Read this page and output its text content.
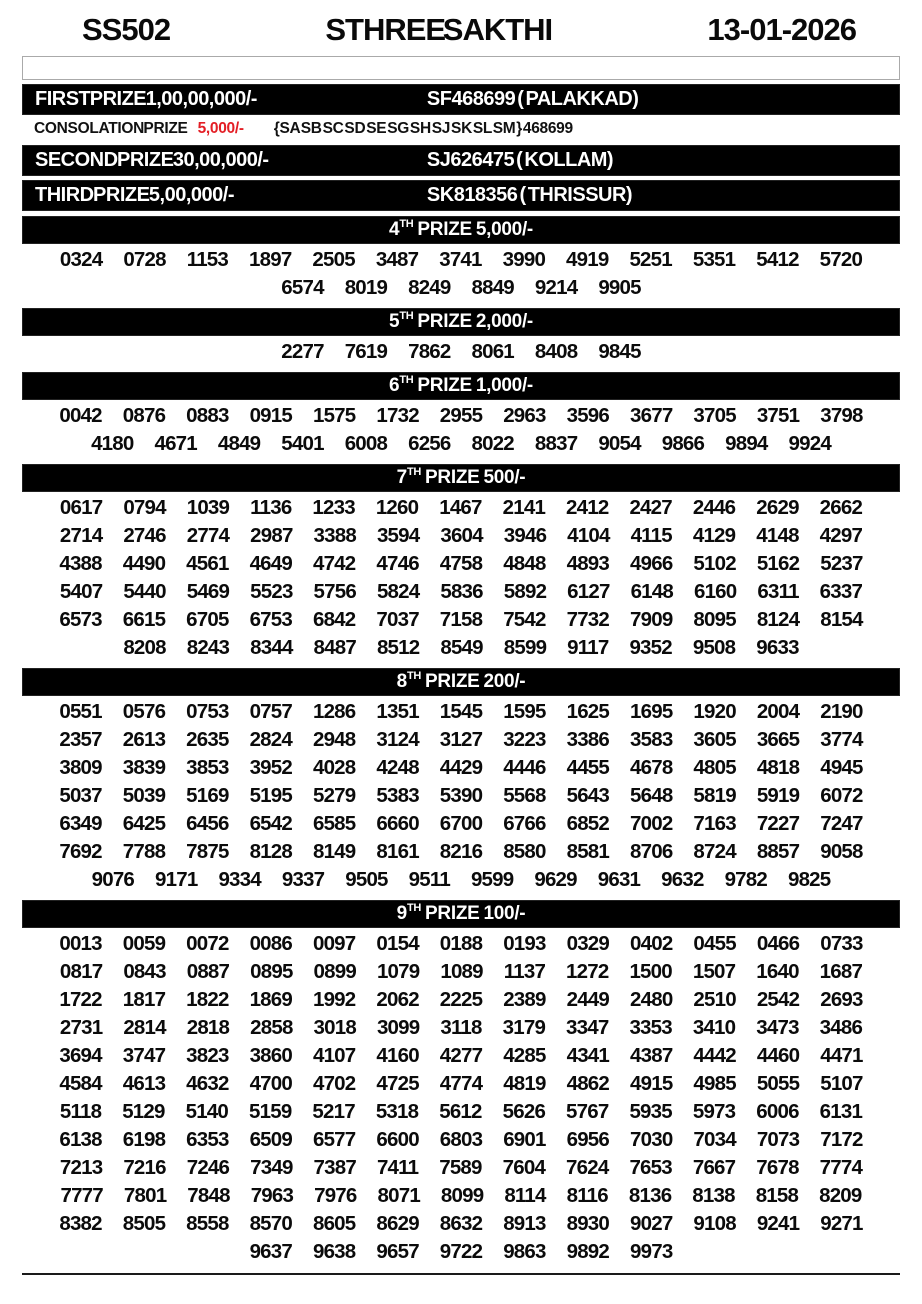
SS502	STHREE SAKTHI	13-01-2026
FIRST PRIZE 1,00,00,000/-	SF468699 ( PALAKKAD)
CONSOLATION PRIZE 5,000/- {SA SB SC SD SE SG SH SJ SK SL SM } 468699
SECOND PRIZE 30,00,000/-	SJ626475 ( KOLLAM)
THIRD PRIZE 5,00,000/-	SK818356 ( THRISSUR)
4TH PRIZE 5,000/-
0324 0728 1153 1897 2505 3487 3741 3990 4919 5251 5351 5412 5720
6574 8019 8249 8849 9214 9905
5TH PRIZE 2,000/-
2277 7619 7862 8061 8408 9845
6TH PRIZE 1,000/-
0042 0876 0883 0915 1575 1732 2955 2963 3596 3677 3705 3751 3798
4180 4671 4849 5401 6008 6256 8022 8837 9054 9866 9894 9924
7TH PRIZE 500/-
0617 0794 1039 1136 1233 1260 1467 2141 2412 2427 2446 2629 2662
2714 2746 2774 2987 3388 3594 3604 3946 4104 4115 4129 4148 4297
4388 4490 4561 4649 4742 4746 4758 4848 4893 4966 5102 5162 5237
5407 5440 5469 5523 5756 5824 5836 5892 6127 6148 6160 6311 6337
6573 6615 6705 6753 6842 7037 7158 7542 7732 7909 8095 8124 8154
8208 8243 8344 8487 8512 8549 8599 9117 9352 9508 9633
8TH PRIZE 200/-
0551 0576 0753 0757 1286 1351 1545 1595 1625 1695 1920 2004 2190
2357 2613 2635 2824 2948 3124 3127 3223 3386 3583 3605 3665 3774
3809 3839 3853 3952 4028 4248 4429 4446 4455 4678 4805 4818 4945
5037 5039 5169 5195 5279 5383 5390 5568 5643 5648 5819 5919 6072
6349 6425 6456 6542 6585 6660 6700 6766 6852 7002 7163 7227 7247
7692 7788 7875 8128 8149 8161 8216 8580 8581 8706 8724 8857 9058
9076 9171 9334 9337 9505 9511 9599 9629 9631 9632 9782 9825
9TH PRIZE 100/-
0013 0059 0072 0086 0097 0154 0188 0193 0329 0402 0455 0466 0733
0817 0843 0887 0895 0899 1079 1089 1137 1272 1500 1507 1640 1687
1722 1817 1822 1869 1992 2062 2225 2389 2449 2480 2510 2542 2693
2731 2814 2818 2858 3018 3099 3118 3179 3347 3353 3410 3473 3486
3694 3747 3823 3860 4107 4160 4277 4285 4341 4387 4442 4460 4471
4584 4613 4632 4700 4702 4725 4774 4819 4862 4915 4985 5055 5107
5118 5129 5140 5159 5217 5318 5612 5626 5767 5935 5973 6006 6131
6138 6198 6353 6509 6577 6600 6803 6901 6956 7030 7034 7073 7172
7213 7216 7246 7349 7387 7411 7589 7604 7624 7653 7667 7678 7774
7777 7801 7848 7963 7976 8071 8099 8114 8116 8136 8138 8158 8209
8382 8505 8558 8570 8605 8629 8632 8913 8930 9027 9108 9241 9271
9637 9638 9657 9722 9863 9892 9973
